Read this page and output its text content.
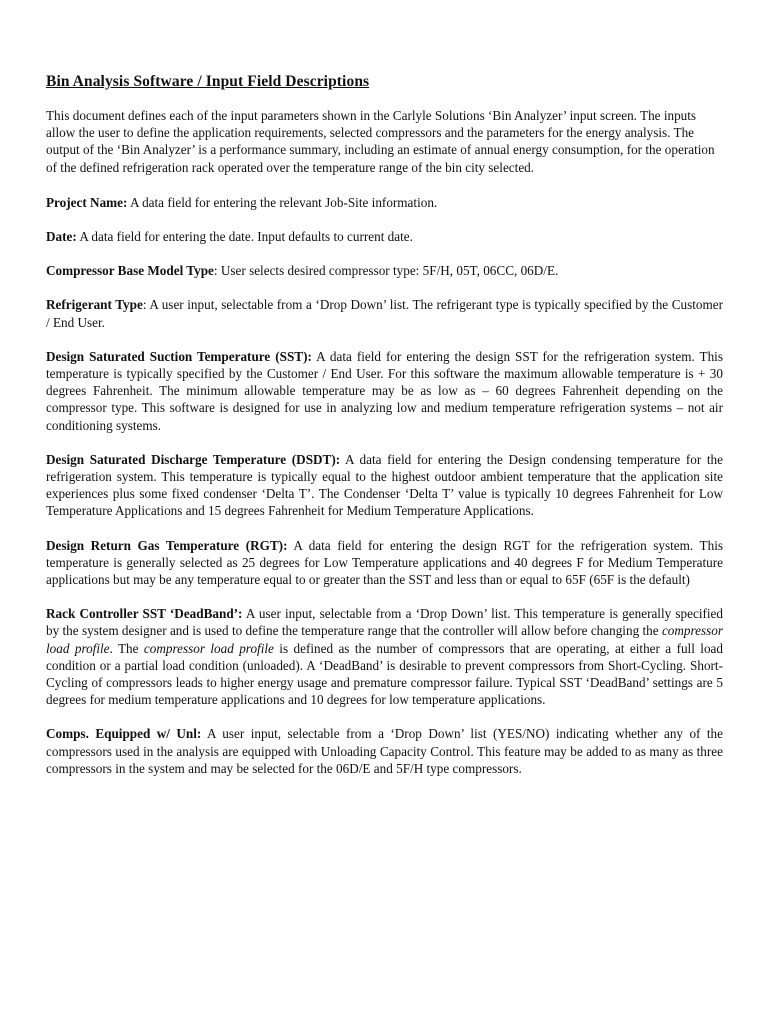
Bin Analysis Software / Input Field Descriptions

This document defines each of the input parameters shown in the Carlyle Solutions ‘Bin Analyzer’ input screen. The inputs allow the user to define the application requirements, selected compressors and the parameters for the energy analysis. The output of the ‘Bin Analyzer’ is a performance summary, including an estimate of annual energy consumption, for the operation of the defined refrigeration rack operated over the temperature range of the bin city selected.

Project Name: A data field for entering the relevant Job-Site information.

Date: A data field for entering the date. Input defaults to current date.

Compressor Base Model Type: User selects desired compressor type: 5F/H, 05T, 06CC, 06D/E.

Refrigerant Type: A user input, selectable from a ‘Drop Down’ list. The refrigerant type is typically specified by the Customer / End User.

Design Saturated Suction Temperature (SST): A data field for entering the design SST for the refrigeration system. This temperature is typically specified by the Customer / End User. For this software the maximum allowable temperature is + 30 degrees Fahrenheit. The minimum allowable temperature may be as low as – 60 degrees Fahrenheit depending on the compressor type. This software is designed for use in analyzing low and medium temperature refrigeration systems – not air conditioning systems.

Design Saturated Discharge Temperature (DSDT): A data field for entering the Design condensing temperature for the refrigeration system. This temperature is typically equal to the highest outdoor ambient temperature that the application site experiences plus some fixed condenser ‘Delta T’. The Condenser ‘Delta T’ value is typically 10 degrees Fahrenheit for Low Temperature Applications and 15 degrees Fahrenheit for Medium Temperature Applications.

Design Return Gas Temperature (RGT): A data field for entering the design RGT for the refrigeration system. This temperature is generally selected as 25 degrees for Low Temperature applications and 40 degrees F for Medium Temperature applications but may be any temperature equal to or greater than the SST and less than or equal to 65F (65F is the default)

Rack Controller SST ‘DeadBand’: A user input, selectable from a ‘Drop Down’ list. This temperature is generally specified by the system designer and is used to define the temperature range that the controller will allow before changing the compressor load profile. The compressor load profile is defined as the number of compressors that are operating, at either a full load condition or a partial load condition (unloaded). A ‘DeadBand’ is desirable to prevent compressors from Short-Cycling. Short-Cycling of compressors leads to higher energy usage and premature compressor failure. Typical SST ‘DeadBand’ settings are 5 degrees for medium temperature applications and 10 degrees for low temperature applications.

Comps. Equipped w/ Unl: A user input, selectable from a ‘Drop Down’ list (YES/NO) indicating whether any of the compressors used in the analysis are equipped with Unloading Capacity Control. This feature may be added to as many as three compressors in the system and may be selected for the 06D/E and 5F/H type compressors.
